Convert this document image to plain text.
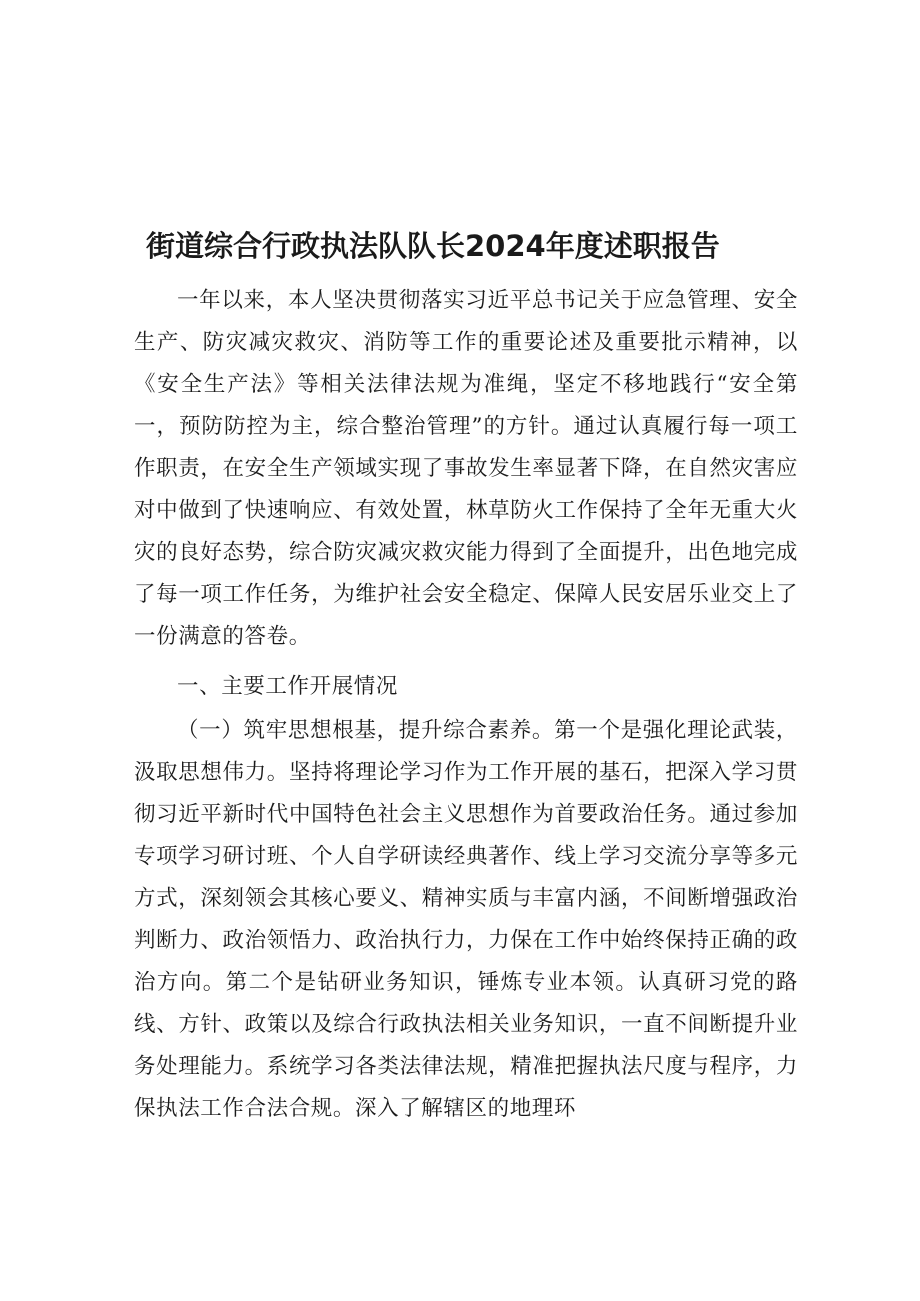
街道综合行政执法队队长2024年度述职报告

一年以来，本人坚决贯彻落实习近平总书记关于应急管理、安全生产、防灾减灾救灾、消防等工作的重要论述及重要批示精神，以《安全生产法》等相关法律法规为准绳，坚定不移地践行“安全第一，预防防控为主，综合整治管理”的方针。通过认真履行每一项工作职责，在安全生产领域实现了事故发生率显著下降，在自然灾害应对中做到了快速响应、有效处置，林草防火工作保持了全年无重大火灾的良好态势，综合防灾减灾救灾能力得到了全面提升，出色地完成了每一项工作任务，为维护社会安全稳定、保障人民安居乐业交上了一份满意的答卷。

一、主要工作开展情况

（一）筑牢思想根基，提升综合素养。第一个是强化理论武装，汲取思想伟力。坚持将理论学习作为工作开展的基石，把深入学习贯彻习近平新时代中国特色社会主义思想作为首要政治任务。通过参加专项学习研讨班、个人自学研读经典著作、线上学习交流分享等多元方式，深刻领会其核心要义、精神实质与丰富内涵，不间断增强政治判断力、政治领悟力、政治执行力，力保在工作中始终保持正确的政治方向。第二个是钻研业务知识，锤炼专业本领。认真研习党的路线、方针、政策以及综合行政执法相关业务知识，一直不间断提升业务处理能力。系统学习各类法律法规，精准把握执法尺度与程序，力保执法工作合法合规。深入了解辖区的地理环
